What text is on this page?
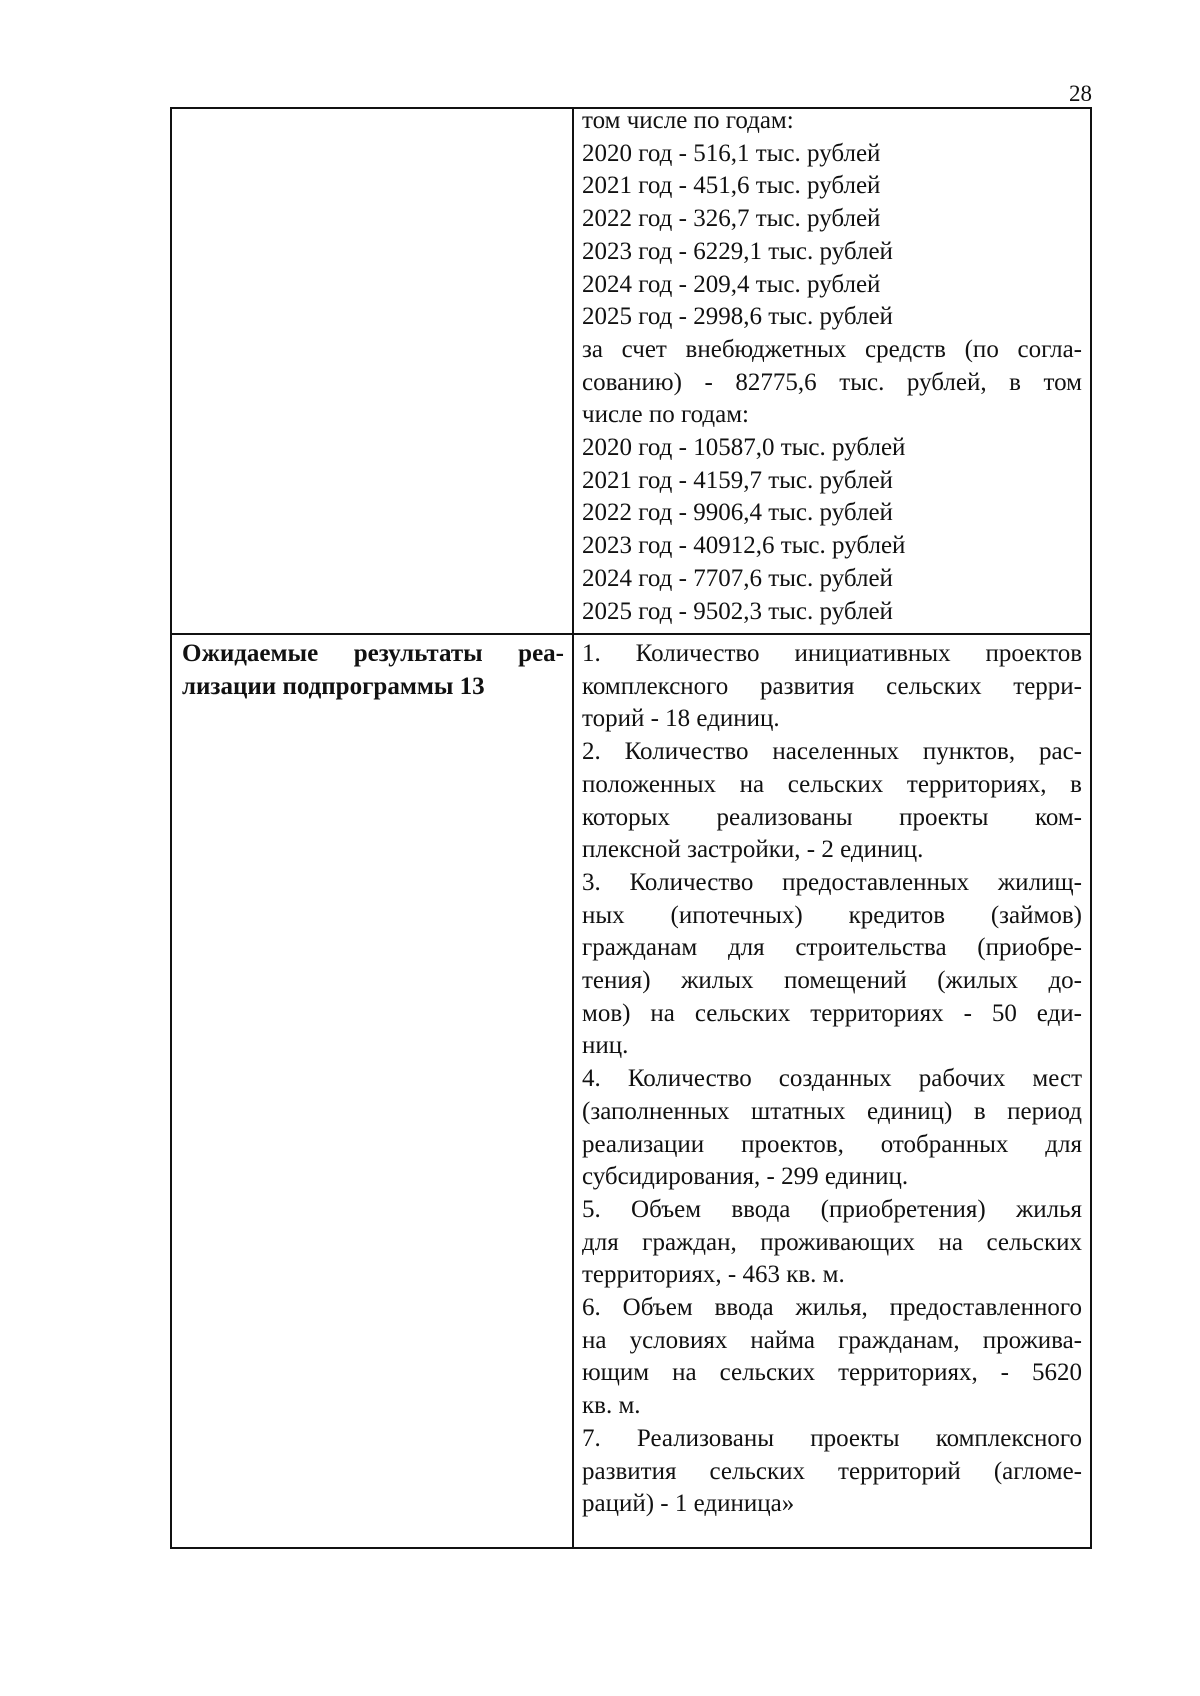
28
том числе по годам:
2020 год - 516,1 тыс. рублей
2021 год - 451,6 тыс. рублей
2022 год - 326,7 тыс. рублей
2023 год - 6229,1 тыс. рублей
2024 год - 209,4 тыс. рублей
2025 год - 2998,6 тыс. рублей
за счет внебюджетных средств (по согла-
сованию) - 82775,6 тыс. рублей, в том
числе по годам:
2020 год - 10587,0 тыс. рублей
2021 год - 4159,7 тыс. рублей
2022 год - 9906,4 тыс. рублей
2023 год - 40912,6 тыс. рублей
2024 год - 7707,6 тыс. рублей
2025 год - 9502,3 тыс. рублей
Ожидаемые результаты реа-
лизации подпрограммы 13
1. Количество инициативных проектов
комплексного развития сельских терри-
торий - 18 единиц.
2. Количество населенных пунктов, рас-
положенных на сельских территориях, в
которых реализованы проекты ком-
плексной застройки, - 2 единиц.
3. Количество предоставленных жилищ-
ных (ипотечных) кредитов (займов)
гражданам для строительства (приобре-
тения) жилых помещений (жилых до-
мов) на сельских территориях - 50 еди-
ниц.
4. Количество созданных рабочих мест
(заполненных штатных единиц) в период
реализации проектов, отобранных для
субсидирования, - 299 единиц.
5. Объем ввода (приобретения) жилья
для граждан, проживающих на сельских
территориях, - 463 кв. м.
6. Объем ввода жилья, предоставленного
на условиях найма гражданам, прожива-
ющим на сельских территориях, - 5620
кв. м.
7. Реализованы проекты комплексного
развития сельских территорий (агломе-
раций) - 1 единица»
